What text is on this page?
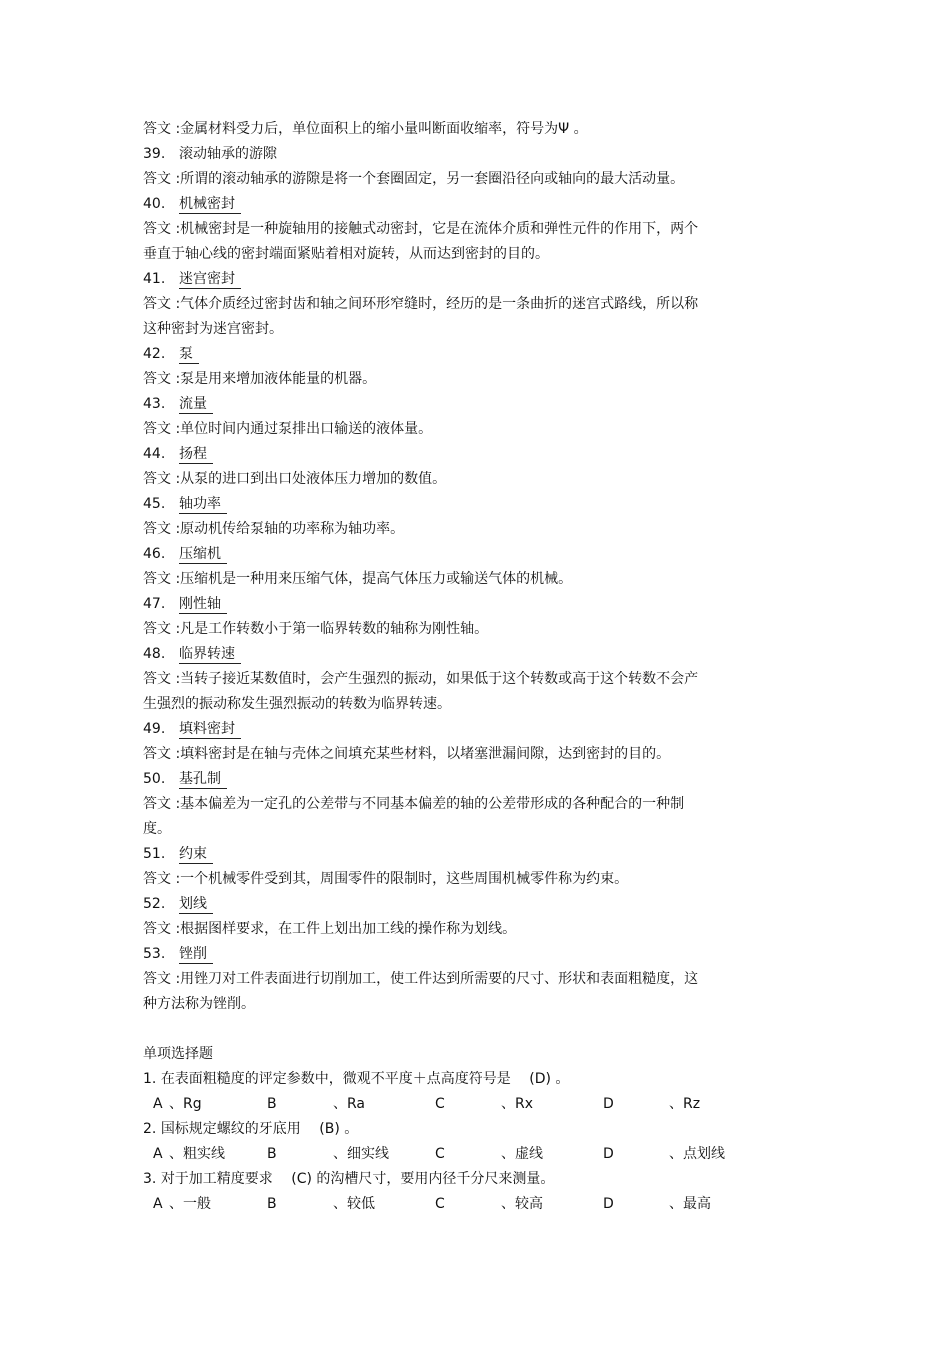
答文 :金属材料受力后，单位面积上的缩小量叫断面收缩率，符号为Ψ 。
39. 滚动轴承的游隙
答文 :所谓的滚动轴承的游隙是将一个套圈固定，另一套圈沿径向或轴向的最大活动量。
40. 机械密封
答文 :机械密封是一种旋轴用的接触式动密封，它是在流体介质和弹性元件的作用下，两个
垂直于轴心线的密封端面紧贴着相对旋转，从而达到密封的目的。
41. 迷宫密封
答文 :气体介质经过密封齿和轴之间环形窄缝时，经历的是一条曲折的迷宫式路线，所以称
这种密封为迷宫密封。
42. 泵
答文 :泵是用来增加液体能量的机器。
43. 流量
答文 :单位时间内通过泵排出口输送的液体量。
44. 扬程
答文 :从泵的进口到出口处液体压力增加的数值。
45. 轴功率
答文 :原动机传给泵轴的功率称为轴功率。
46. 压缩机
答文 :压缩机是一种用来压缩气体，提高气体压力或输送气体的机械。
47. 刚性轴
答文 :凡是工作转数小于第一临界转数的轴称为刚性轴。
48. 临界转速
答文 :当转子接近某数值时，会产生强烈的振动，如果低于这个转数或高于这个转数不会产
生强烈的振动称发生强烈振动的转数为临界转速。
49. 填料密封
答文 :填料密封是在轴与壳体之间填充某些材料，以堵塞泄漏间隙，达到密封的目的。
50. 基孔制
答文 :基本偏差为一定孔的公差带与不同基本偏差的轴的公差带形成的各种配合的一种制
度。
51. 约束
答文 :一个机械零件受到其，周围零件的限制时，这些周围机械零件称为约束。
52. 划线
答文 :根据图样要求，在工件上划出加工线的操作称为划线。
53. 锉削
答文 :用锉刀对工件表面进行切削加工，使工件达到所需要的尺寸、形状和表面粗糙度，这
种方法称为锉削。
单项选择题
1. 在表面粗糙度的评定参数中，微观不平度＋点高度符号是 (D) 。
A 、Rg	B	、Ra	C	、Rx	D	、Rz
2. 国标规定螺纹的牙底用 (B) 。
A 、粗实线	B	、细实线	C	、虚线	D	、点划线
3. 对于加工精度要求 (C) 的沟槽尺寸，要用内径千分尺来测量。
A 、一般	B	、较低	C	、较高	D	、最高
